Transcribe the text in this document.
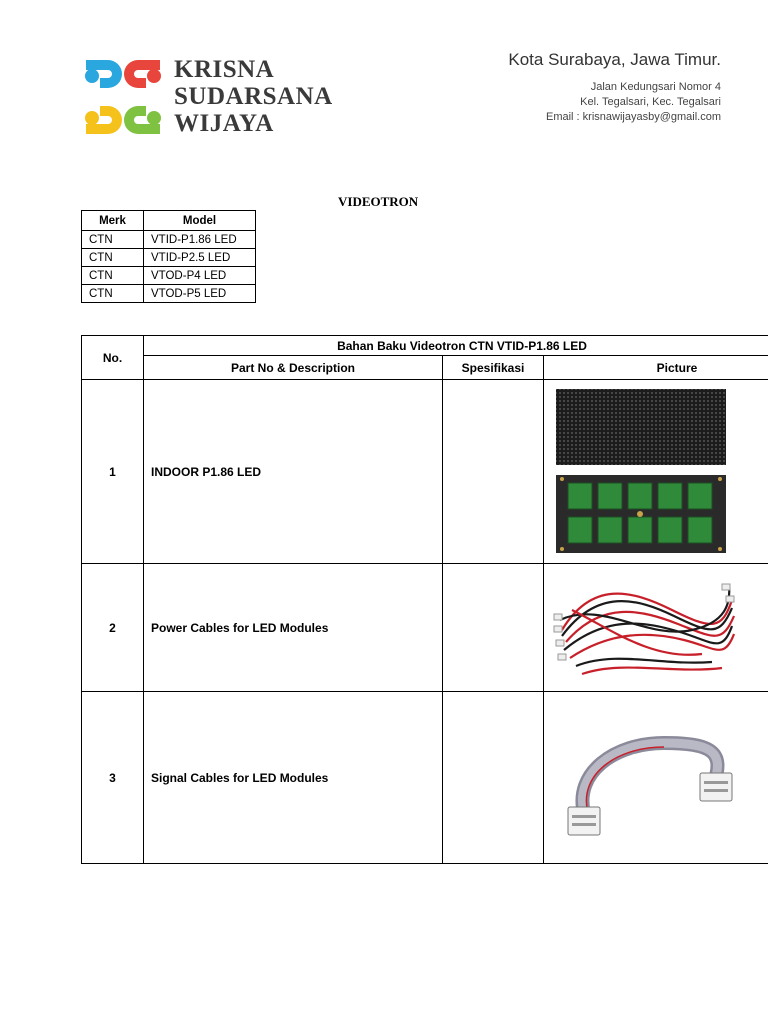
KRISNA
SUDARSANA
WIJAYA
Kota Surabaya, Jawa Timur.
Jalan Kedungsari Nomor 4
Kel. Tegalsari, Kec. Tegalsari
Email : krisnawijayasby@gmail.com
VIDEOTRON
Merk	Model
CTN	VTID-P1.86 LED
CTN	VTID-P2.5 LED
CTN	VTOD-P4 LED
CTN	VTOD-P5 LED
No.	Bahan Baku Videotron CTN VTID-P1.86 LED		
	Part No & Description	Spesifikasi	Picture
1	INDOOR P1.86 LED		

2	Power Cables for LED Modules		

3	Signal Cables for LED Modules		
